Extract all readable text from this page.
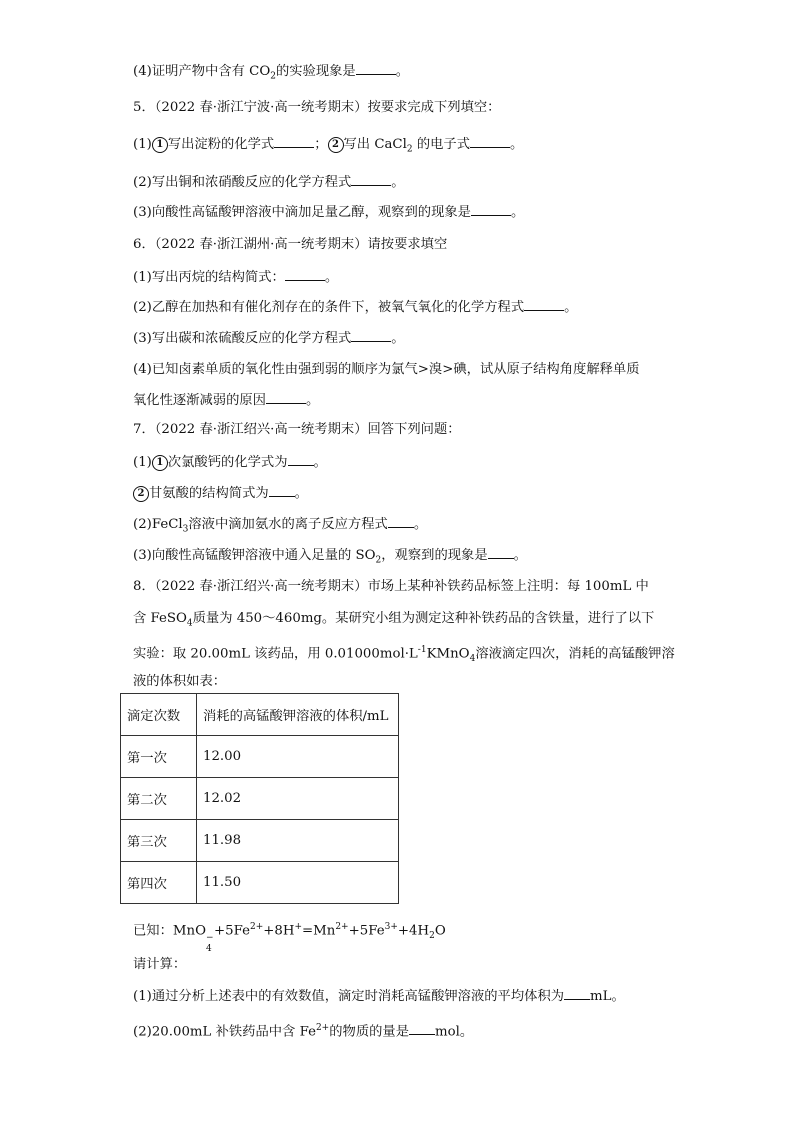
(4)证明产物中含有 $CO_2$的实验现象是	。

5．（2022 春·浙江宁波·高一统考期末）按要求完成下列填空：

(1) 1 写出淀粉的化学式	； 2 写出 CaCl$_2$ 的电子式	。

(2)写出铜和浓硝酸反应的化学方程式	。

(3)向酸性高锰酸钾溶液中滴加足量乙醇，观察到的现象是	。

6．（2022 春·浙江湖州·高一统考期末）请按要求填空

(1)写出丙烷的结构简式：	。

(2)乙醇在加热和有催化剂存在的条件下，被氧气氧化的化学方程式	。

(3)写出碳和浓硫酸反应的化学方程式	。

(4)已知卤素单质的氧化性由强到弱的顺序为氯气>溴>碘，试从原子结构角度解释单质

氧化性逐渐减弱的原因	。

7．（2022 春·浙江绍兴·高一统考期末）回答下列问题：

(1) 1 次氯酸钙的化学式为 。

2 甘氨酸的结构简式为 。

(2)FeCl$_3$溶液中滴加氨水的离子反应方程式 。

(3)向酸性高锰酸钾溶液中通入足量的 $SO_2$，观察到的现象是 。

8．（2022 春·浙江绍兴·高一统考期末）市场上某种补铁药品标签上注明：每 100mL 中

含 FeSO$_4$质量为 450～460mg。某研究小组为测定这种补铁药品的含铁量，进行了以下

实验：取 20.00mL 该药品，用 $0.01000mol\cdot L^{-1}KMnO_4$溶液滴定四次，消耗的高锰酸钾溶

液的体积如表：

滴定次数	消耗的高锰酸钾溶液的体积/mL
第一次	12.00
第二次	12.02
第三次	11.98
第四次	11.50

已知：MnO −
4
$+5Fe^{2+}+8H^+=Mn^{2+}+5Fe^{3+}+4H_2O$

请计算：

(1)通过分析上述表中的有效数值，滴定时消耗高锰酸钾溶液的平均体积为 mL。

(2)20.00mL 补铁药品中含 $Fe^{2+}$的物质的量是 mol。
